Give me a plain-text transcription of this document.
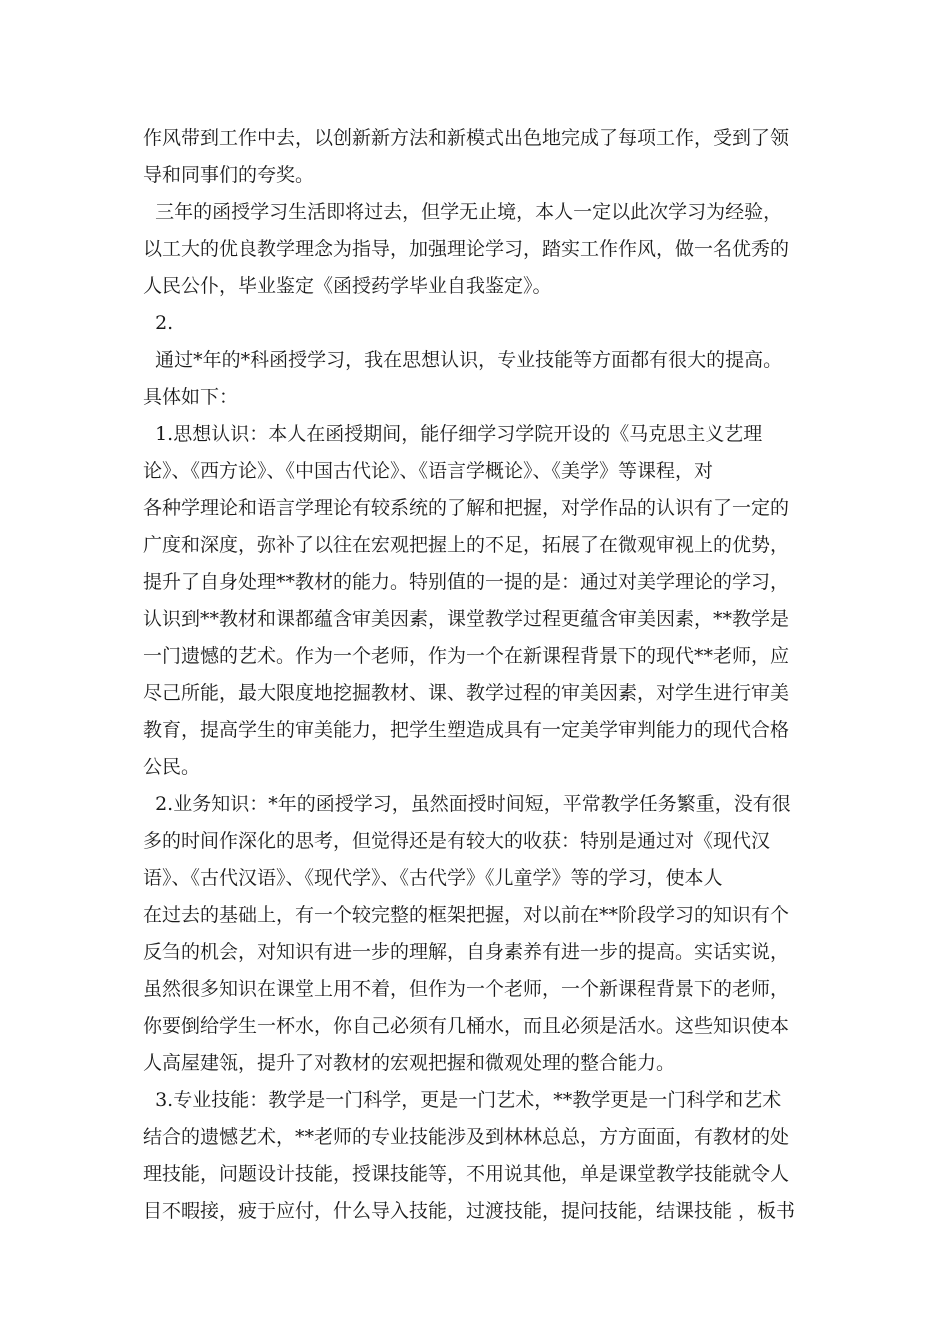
作风带到工作中去，以创新新方法和新模式出色地完成了每项工作，受到了领
导和同事们的夸奖。
三年的函授学习生活即将过去，但学无止境，本人一定以此次学习为经验，
以工大的优良教学理念为指导，加强理论学习，踏实工作作风，做一名优秀的
人民公仆，毕业鉴定《函授药学毕业自我鉴定》。
2.
通过*年的*科函授学习，我在思想认识，专业技能等方面都有很大的提高。
具体如下：
1.思想认识：本人在函授期间，能仔细学习学院开设的《马克思主义艺理
论》、《西方论》、《中国古代论》、《语言学概论》、《美学》等课程，对
各种学理论和语言学理论有较系统的了解和把握，对学作品的认识有了一定的
广度和深度，弥补了以往在宏观把握上的不足，拓展了在微观审视上的优势，
提升了自身处理**教材的能力。特别值的一提的是：通过对美学理论的学习，
认识到**教材和课都蕴含审美因素，课堂教学过程更蕴含审美因素，**教学是
一门遗憾的艺术。作为一个老师，作为一个在新课程背景下的现代**老师，应
尽己所能，最大限度地挖掘教材、课、教学过程的审美因素，对学生进行审美
教育，提高学生的审美能力，把学生塑造成具有一定美学审判能力的现代合格
公民。
2.业务知识：*年的函授学习，虽然面授时间短，平常教学任务繁重，没有很
多的时间作深化的思考，但觉得还是有较大的收获：特别是通过对《现代汉
语》、《古代汉语》、《现代学》、《古代学》《儿童学》等的学习，使本人
在过去的基础上，有一个较完整的框架把握，对以前在**阶段学习的知识有个
反刍的机会，对知识有进一步的理解，自身素养有进一步的提高。实话实说，
虽然很多知识在课堂上用不着，但作为一个老师，一个新课程背景下的老师，
你要倒给学生一杯水，你自己必须有几桶水，而且必须是活水。这些知识使本
人高屋建瓴，提升了对教材的宏观把握和微观处理的整合能力。
3.专业技能：教学是一门科学，更是一门艺术，**教学更是一门科学和艺术
结合的遗憾艺术，**老师的专业技能涉及到林林总总，方方面面，有教材的处
理技能，问题设计技能，授课技能等，不用说其他，单是课堂教学技能就令人
目不暇接，疲于应付，什么导入技能，过渡技能，提问技能，结课技能 ，板书
